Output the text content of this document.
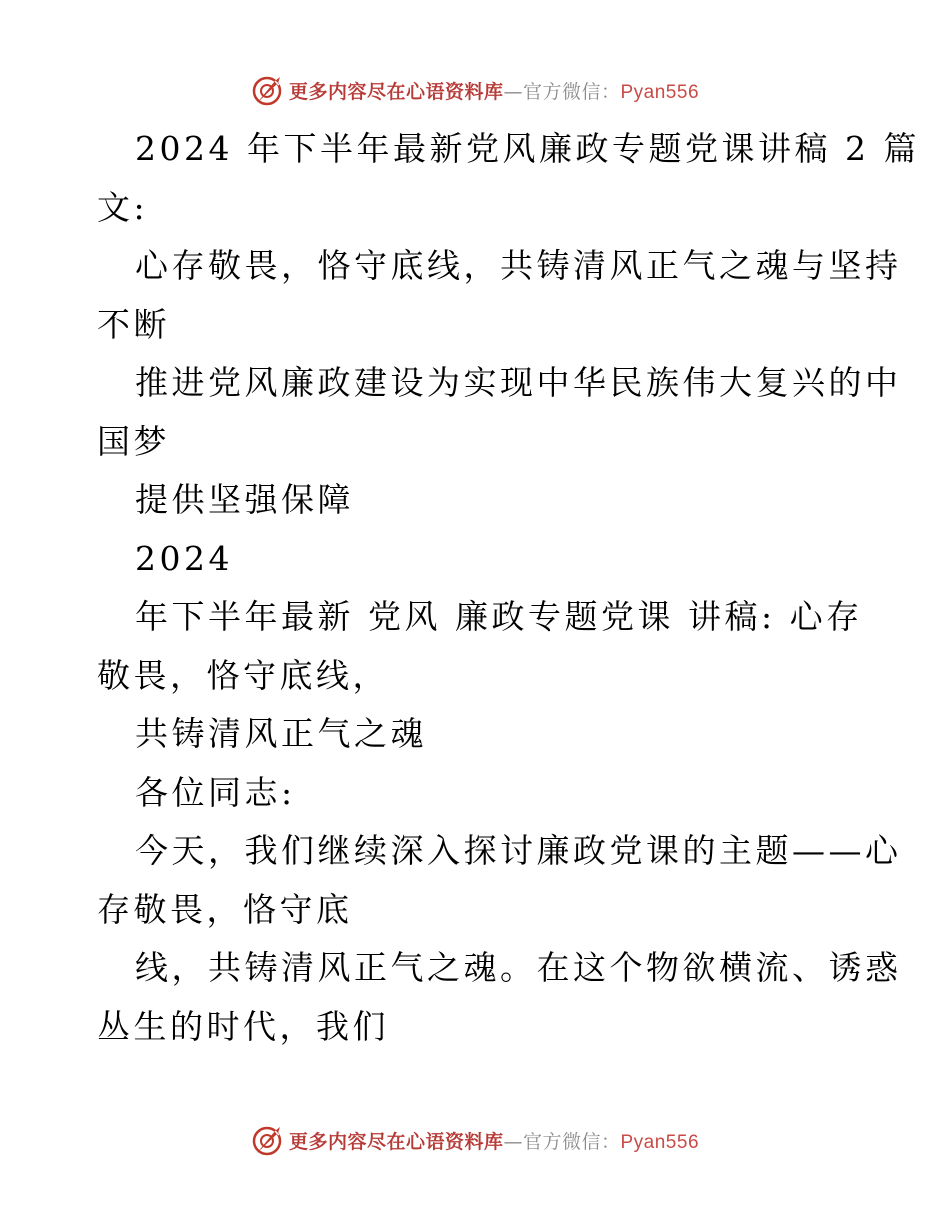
更多内容尽在心语资料库—官方微信：Pyan556
2024 年下半年最新党风廉政专题党课讲稿 2 篇
文:
心存敬畏，恪守底线，共铸清风正气之魂与坚持
不断
推进党风廉政建设为实现中华民族伟大复兴的中
国梦
提供坚强保障
2024
年下半年最新 党风 廉政专题党课 讲稿: 心存
敬畏，恪守底线，
共铸清风正气之魂
各位同志:
今天，我们继续深入探讨廉政党课的主题——心
存敬畏，恪守底
线，共铸清风正气之魂。在这个物欲横流、诱惑
丛生的时代，我们
更多内容尽在心语资料库—官方微信：Pyan556
